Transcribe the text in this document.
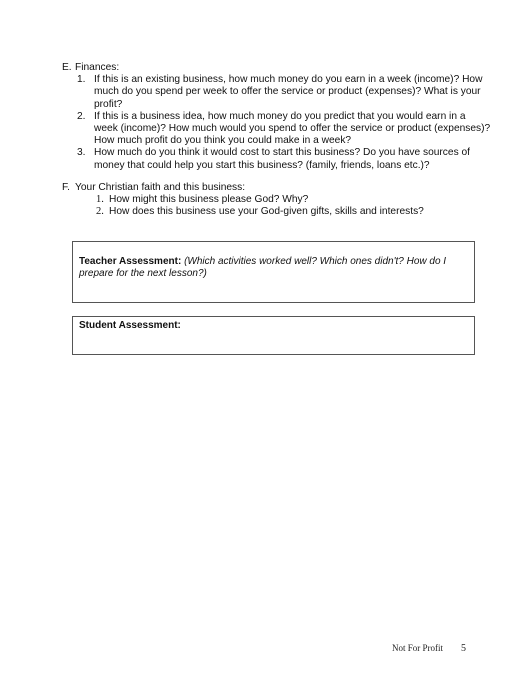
E. Finances:
1. If this is an existing business, how much money do you earn in a week (income)? How much do you spend per week to offer the service or product (expenses)? What is your profit?
2. If this is a business idea, how much money do you predict that you would earn in a week (income)? How much would you spend to offer the service or product (expenses)? How much profit do you think you could make in a week?
3. How much do you think it would cost to start this business? Do you have sources of money that could help you start this business? (family, friends, loans etc.)?
F. Your Christian faith and this business:
1. How might this business please God? Why?
2. How does this business use your God-given gifts, skills and interests?
Teacher Assessment: (Which activities worked well? Which ones didn't? How do I prepare for the next lesson?)
Student Assessment:
Not For Profit 5
